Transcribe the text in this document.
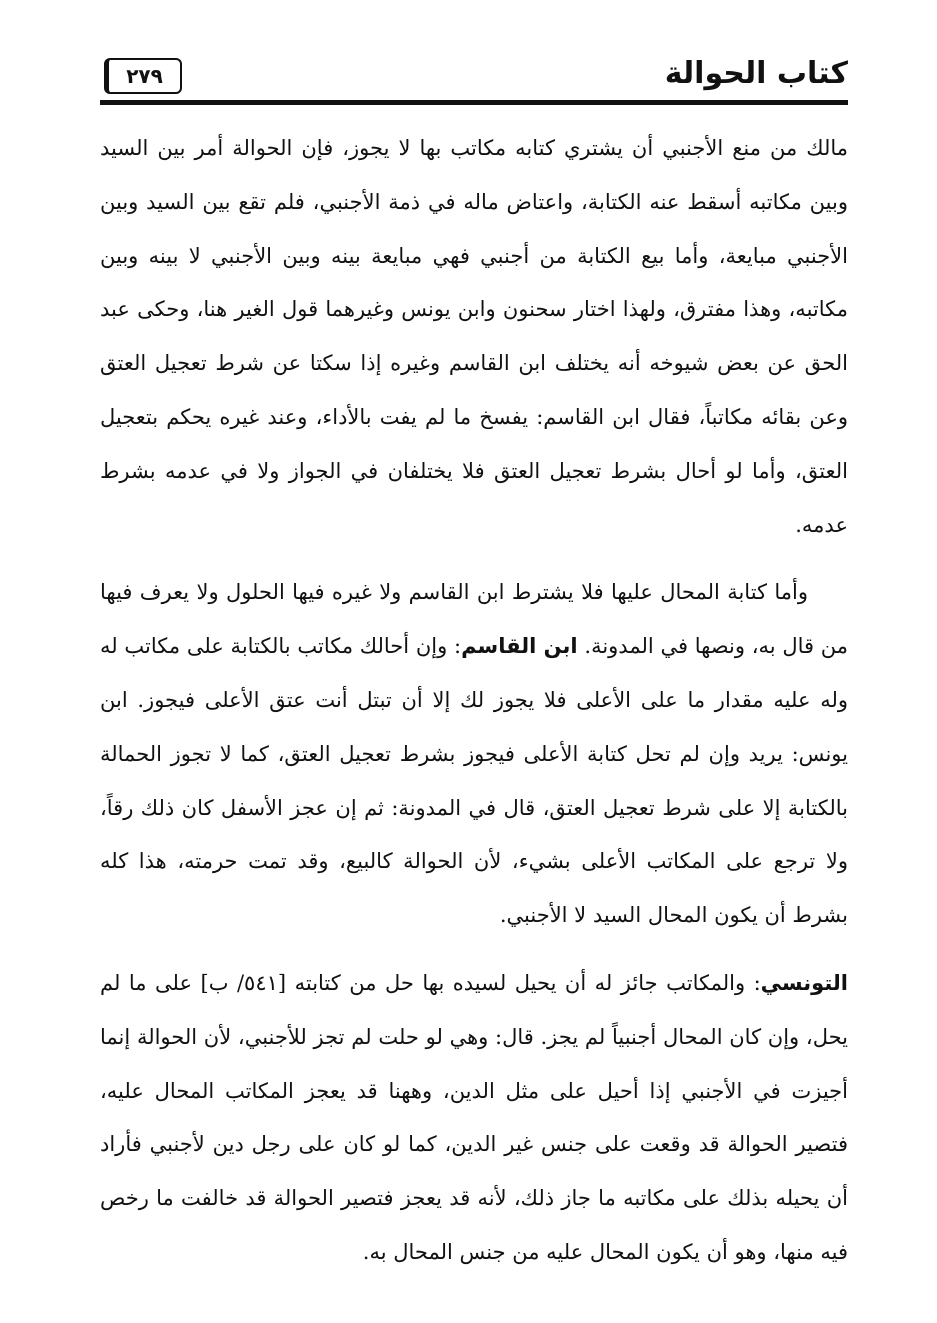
٢٧٩	كتاب الحوالة

مالك من منع الأجنبي أن يشتري كتابه مكاتب بها لا يجوز، فإن الحوالة أمر بين السيد وبين مكاتبه أسقط عنه الكتابة، واعتاض ماله في ذمة الأجنبي، فلم تقع بين السيد وبين الأجنبي مبايعة، وأما بيع الكتابة من أجنبي فهي مبايعة بينه وبين الأجنبي لا بينه وبين مكاتبه، وهذا مفترق، ولهذا اختار سحنون وابن يونس وغيرهما قول الغير هنا، وحكى عبد الحق عن بعض شيوخه أنه يختلف ابن القاسم وغيره إذا سكتا عن شرط تعجيل العتق وعن بقائه مكاتباً، فقال ابن القاسم: يفسخ ما لم يفت بالأداء، وعند غيره يحكم بتعجيل العتق، وأما لو أحال بشرط تعجيل العتق فلا يختلفان في الجواز ولا في عدمه بشرط عدمه.

وأما كتابة المحال عليها فلا يشترط ابن القاسم ولا غيره فيها الحلول ولا يعرف فيها من قال به، ونصها في المدونة. ابن القاسم: وإن أحالك مكاتب بالكتابة على مكاتب له وله عليه مقدار ما على الأعلى فلا يجوز لك إلا أن تبتل أنت عتق الأعلى فيجوز. ابن يونس: يريد وإن لم تحل كتابة الأعلى فيجوز بشرط تعجيل العتق، كما لا تجوز الحمالة بالكتابة إلا على شرط تعجيل العتق، قال في المدونة: ثم إن عجز الأسفل كان ذلك رقاً، ولا ترجع على المكاتب الأعلى بشيء، لأن الحوالة كالبيع، وقد تمت حرمته، هذا كله بشرط أن يكون المحال السيد لا الأجنبي.

التونسي: والمكاتب جائز له أن يحيل لسيده بها حل من كتابته [٥٤١/ ب] على ما لم يحل، وإن كان المحال أجنبياً لم يجز. قال: وهي لو حلت لم تجز للأجنبي، لأن الحوالة إنما أجيزت في الأجنبي إذا أحيل على مثل الدين، وههنا قد يعجز المكاتب المحال عليه، فتصير الحوالة قد وقعت على جنس غير الدين، كما لو كان على رجل دين لأجنبي فأراد أن يحيله بذلك على مكاتبه ما جاز ذلك، لأنه قد يعجز فتصير الحوالة قد خالفت ما رخص فيه منها، وهو أن يكون المحال عليه من جنس المحال به.
